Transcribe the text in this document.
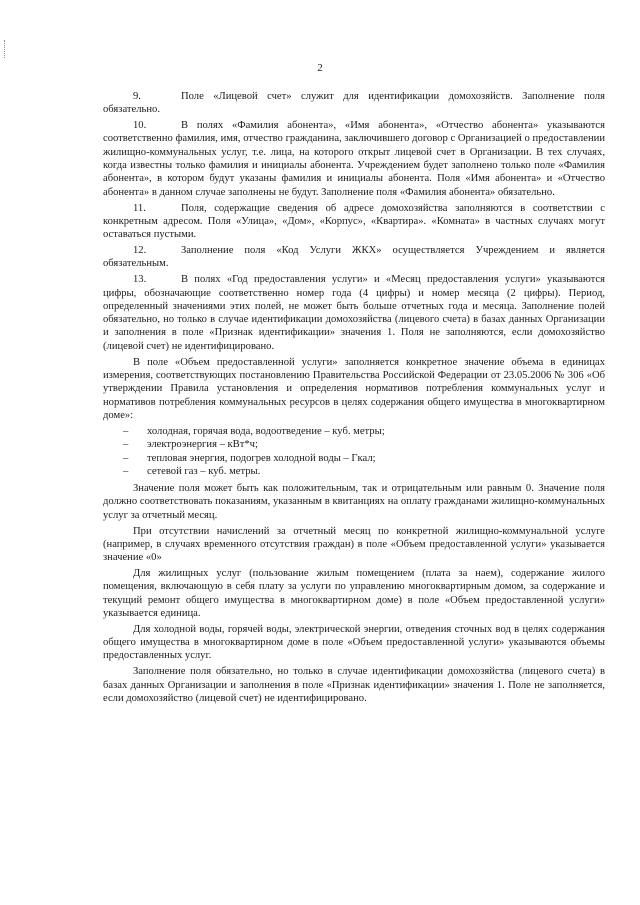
2

9.	Поле «Лицевой счет» служит для идентификации домохозяйств. Заполнение поля обязательно.

10.	В полях «Фамилия абонента», «Имя абонента», «Отчество абонента» указываются соответственно фамилия, имя, отчество гражданина, заключившего договор с Организацией о предоставлении жилищно-коммунальных услуг, т.е. лица, на которого открыт лицевой счет в Организации. В тех случаях, когда известны только фамилия и инициалы абонента. Учреждением будет заполнено только поле «Фамилия абонента», в котором будут указаны фамилия и инициалы абонента. Поля «Имя абонента» и «Отчество абонента» в данном случае заполнены не будут. Заполнение поля «Фамилия абонента» обязательно.

11.	Поля, содержащие сведения об адресе домохозяйства заполняются в соответствии с конкретным адресом. Поля «Улица», «Дом», «Корпус», «Квартира». «Комната» в частных случаях могут оставаться пустыми.

12.	Заполнение поля «Код Услуги ЖКХ» осуществляется Учреждением и является обязательным.

13.	В полях «Год предоставления услуги» и «Месяц предоставления услуги» указываются цифры, обозначающие соответственно номер года (4 цифры) и номер месяца (2 цифры). Период, определенный значениями этих полей, не может быть больше отчетных года и месяца. Заполнение полей обязательно, но только в случае идентификации домохозяйства (лицевого счета) в базах данных Организации и заполнения в поле «Признак идентификации» значения 1. Поля не заполняются, если домохозяйство (лицевой счет) не идентифицировано.

В поле «Объем предоставленной услуги» заполняется конкретное значение объема в единицах измерения, соответствующих постановлению Правительства Российской Федерации от 23.05.2006 № 306 «Об утверждении Правила установления и определения нормативов потребления коммунальных услуг и нормативов потребления коммунальных ресурсов в целях содержания общего имущества в многоквартирном доме»:

– холодная, горячая вода, водоотведение – куб. метры;
– электроэнергия – кВт*ч;
– тепловая энергия, подогрев холодной воды – Гкал;
– сетевой газ – куб. метры.

Значение поля может быть как положительным, так и отрицательным или равным 0. Значение поля должно соответствовать показаниям, указанным в квитанциях на оплату гражданами жилищно-коммунальных услуг за отчетный месяц.

При отсутствии начислений за отчетный месяц по конкретной жилищно-коммунальной услуге (например, в случаях временного отсутствия граждан) в поле «Объем предоставленной услуги» указывается значение «0»

Для жилищных услуг (пользование жилым помещением (плата за наем), содержание жилого помещения, включающую в себя плату за услуги по управлению многоквартирным домом, за содержание и текущий ремонт общего имущества в многоквартирном доме) в поле «Объем предоставленной услуги» указывается единица.

Для холодной воды, горячей воды, электрической энергии, отведения сточных вод в целях содержания общего имущества в многоквартирном доме в поле «Объем предоставленной услуги» указываются объемы предоставленных услуг.

Заполнение поля обязательно, но только в случае идентификации домохозяйства (лицевого счета) в базах данных Организации и заполнения в поле «Признак идентификации» значения 1. Поле не заполняется, если домохозяйство (лицевой счет) не идентифицировано.
